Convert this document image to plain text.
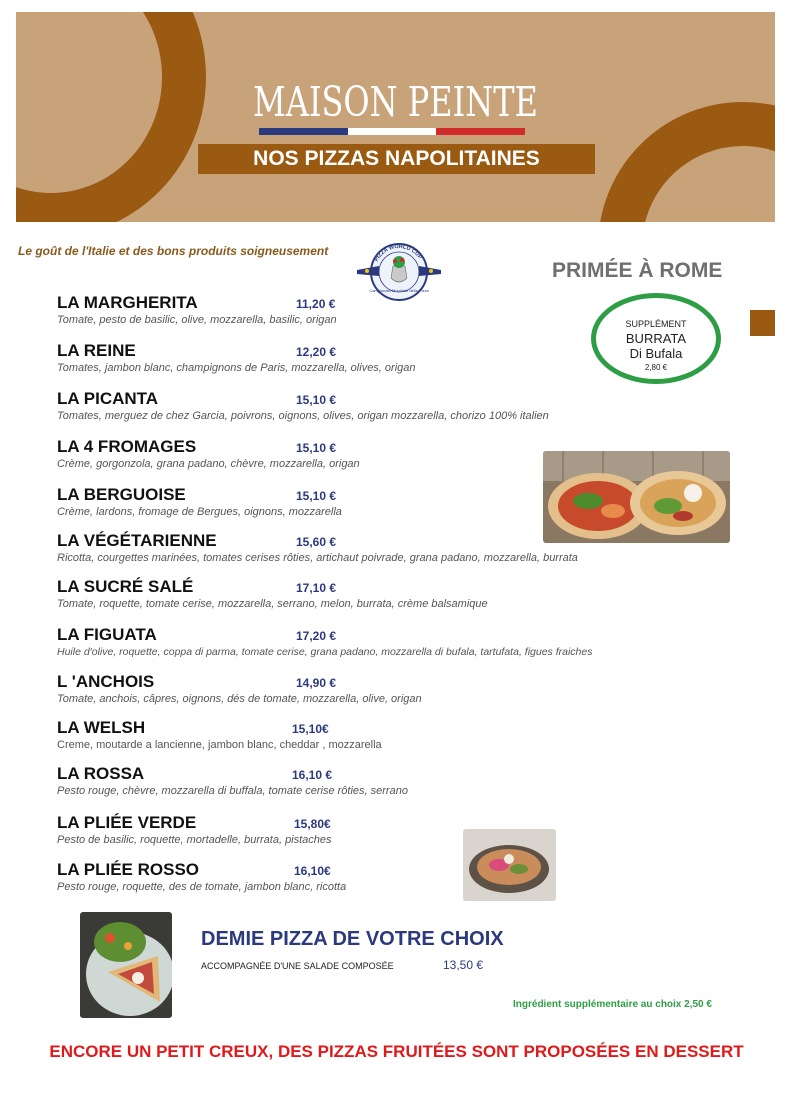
MAISON PEINTE
NOS PIZZAS NAPOLITAINES
Le goût de l'Italie et des bons produits soigneusement
PIZZA WORLD CUP
Campionato Mondiale della Pizza
PRIMÉE À ROME
SUPPLÉMENT
BURRATA
Di Bufala
2,80 €
LA MARGHERITA	11,20 €
Tomate, pesto de basilic, olive, mozzarella, basilic, origan
LA REINE	12,20 €
Tomates, jambon blanc, champignons de Paris, mozzarella, olives, origan
LA PICANTA	15,10 €
Tomates, merguez de chez Garcia, poivrons, oignons, olives, origan mozzarella, chorizo 100% italien
LA 4 FROMAGES	15,10 €
Crème, gorgonzola, grana padano, chèvre, mozzarella, origan
LA BERGUOISE	15,10 €
Crème, lardons, fromage de Bergues, oignons, mozzarella
LA VÉGÉTARIENNE	15,60 €
Ricotta, courgettes marinées, tomates cerises rôties, artichaut poivrade, grana padano, mozzarella, burrata
LA SUCRÉ SALÉ	17,10 €
Tomate, roquette, tomate cerise, mozzarella, serrano, melon, burrata, crème balsamique
LA FIGUATA	17,20 €
Huile d'olive, roquette, coppa di parma, tomate cerise, grana padano, mozzarella di bufala, tartufata, figues fraiches
L 'ANCHOIS	14,90 €
Tomate, anchois, câpres, oignons, dés de tomate, mozzarella, olive, origan
LA WELSH	15,10€
Creme, moutarde a lancienne, jambon blanc, cheddar , mozzarella
LA ROSSA	16,10 €
Pesto rouge, chèvre, mozzarella di buffala, tomate cerise rôties, serrano
LA PLIÉE VERDE	15,80€
Pesto de basilic, roquette, mortadelle, burrata, pistaches
LA PLIÉE ROSSO	16,10€
Pesto rouge, roquette, des de tomate, jambon blanc, ricotta
DEMIE PIZZA DE VOTRE CHOIX
ACCOMPAGNÉE D'UNE SALADE COMPOSÉE	13,50 €
Ingrédient supplémentaire au choix 2,50 €
ENCORE UN PETIT CREUX, DES PIZZAS FRUITÉES SONT PROPOSÉES EN DESSERT
